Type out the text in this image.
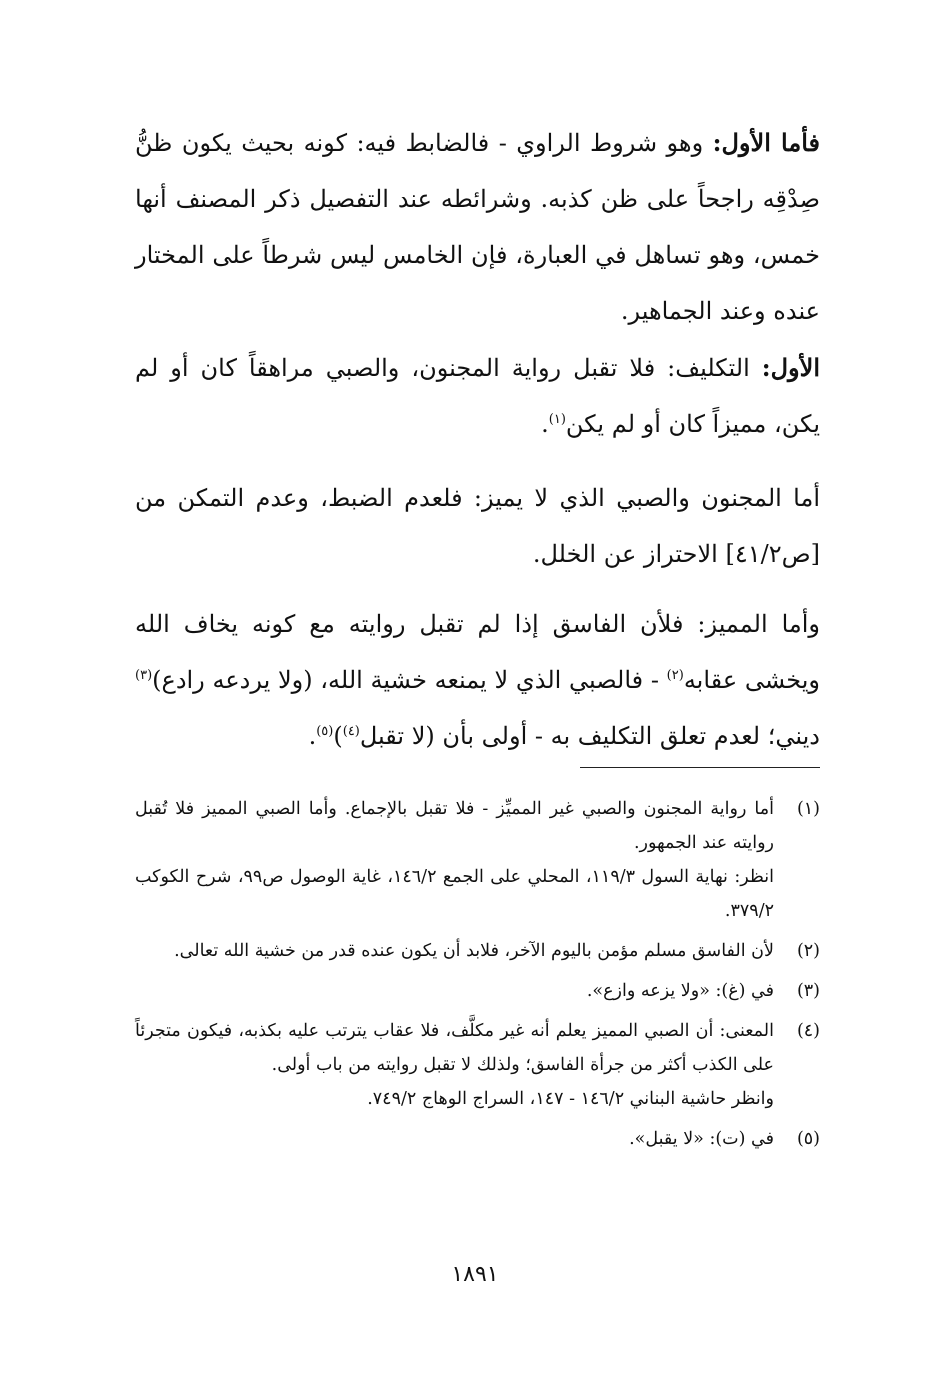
فأما الأول: وهو شروط الراوي - فالضابط فيه: كونه بحيث يكون ظنُّ صِدْقِه راجحاً على ظن كذبه. وشرائطه عند التفصيل ذكر المصنف أنها خمس، وهو تساهل في العبارة، فإن الخامس ليس شرطاً على المختار عنده وعند الجماهير.

الأول: التكليف: فلا تقبل رواية المجنون، والصبي مراهقاً كان أو لم يكن، مميزاً كان أو لم يكن$^{(١)}$.

أما المجنون والصبي الذي لا يميز: فلعدم الضبط، وعدم التمكن من [ص٤١/٢] الاحتراز عن الخلل.

وأما المميز: فلأن الفاسق إذا لم تقبل روايته مع كونه يخاف الله ويخشى عقابه$^{(٢)}$ - فالصبي الذي لا يمنعه خشية الله، (ولا يردعه رادع)$^{(٣)}$ ديني؛ لعدم تعلق التكليف به - أولى بأن (لا تقبل$^{(٤)}$)$^{(٥)}$.

(١)

أما رواية المجنون والصبي غير المميِّز - فلا تقبل بالإجماع. وأما الصبي المميز فلا تُقبل روايته عند الجمهور.

انظر: نهاية السول ١١٩/٣، المحلي على الجمع ١٤٦/٢، غاية الوصول ص٩٩، شرح الكوكب ٣٧٩/٢.

(٢)

لأن الفاسق مسلم مؤمن باليوم الآخر، فلابد أن يكون عنده قدر من خشية الله تعالى.

(٣)

في (غ): «ولا يزعه وازع».

(٤)

المعنى: أن الصبي المميز يعلم أنه غير مكلَّف، فلا عقاب يترتب عليه بكذبه، فيكون متجرئاً على الكذب أكثر من جرأة الفاسق؛ ولذلك لا تقبل روايته من باب أولى.

وانظر حاشية البناني ١٤٦/٢ - ١٤٧، السراج الوهاج ٧٤٩/٢.

(٥)

في (ت): «لا يقبل».

١٨٩١
